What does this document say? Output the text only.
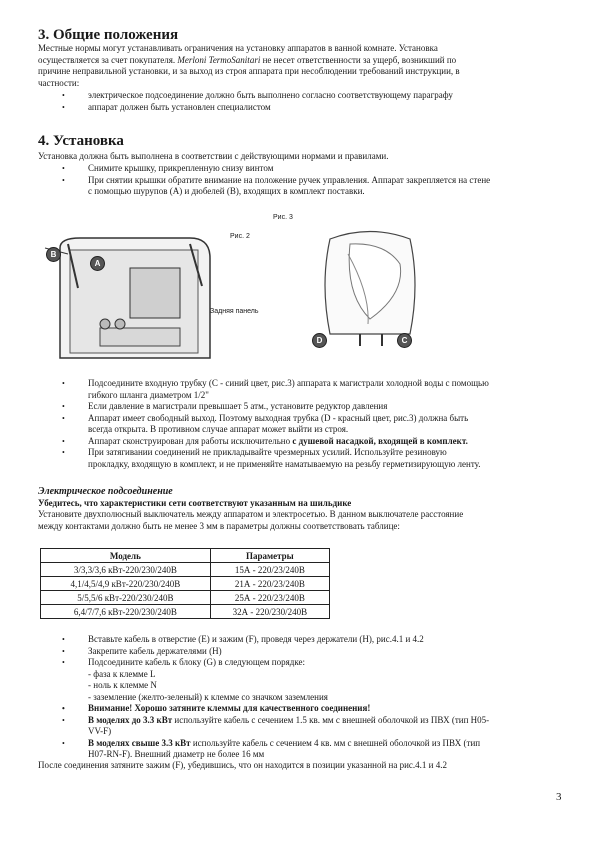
3. Общие положения
Местные нормы могут устанавливать ограничения на установку аппаратов в ванной комнате. Установка
осуществляется за счет покупателя. Merloni TermoSanitari не несет ответственности за ущерб, возникший по
причине неправильной установки, и за выход из строя аппарата при несоблюдении требований инструкции, в
частности:
• электрическое подсоединение должно быть выполнено согласно соответствующему параграфу
• аппарат должен быть установлен специалистом
4. Установка
Установка должна быть выполнена в соответствии с действующими нормами и правилами.
• Снимите крышку, прикрепленную снизу винтом
• При снятии крышки обратите внимание на положение ручек управления. Аппарат закрепляется на стене
с помощью шурупов (A) и дюбелей (B), входящих в комплект поставки.
Рис. 3
Рис. 2
B
A
Задняя панель
D	C
• Подсоедините входную трубку (C - синий цвет, рис.3) аппарата к магистрали холодной воды с помощью
гибкого шланга диаметром 1/2"
• Если давление в магистрали превышает 5 атм., установите редуктор давления
• Аппарат имеет свободный выход. Поэтому выходная трубка (D - красный цвет, рис.3) должна быть
всегда открыта. В противном случае аппарат может выйти из строя.
• Аппарат сконструирован для работы исключительно с душевой насадкой, входящей в комплект.
• При затягивании соединений не прикладывайте чрезмерных усилий. Используйте резиновую
прокладку, входящую в комплект, и не применяйте наматываемую на резьбу герметизирующую ленту.
Электрическое подсоединение
Убедитесь, что характеристики сети соответствуют указанным на шильдике
Установите двухполюсный выключатель между аппаратом и электросетью. В данном выключателе расстояние
между контактами должно быть не менее 3 мм в параметры должны соответствовать таблице:
Модель	Параметры
3/3,3/3,6 кВт-220/230/240В	15А - 220/23/240В
4,1/4,5/4,9 кВт-220/230/240В	21А - 220/23/240В
5/5,5/6 кВт-220/230/240В	25А - 220/23/240В
6,4/7/7,6 кВт-220/230/240В	32А - 220/230/240В
• Вставьте кабель в отверстие (E) и зажим (F), проведя через держатели (H), рис.4.1 и 4.2
• Закрепите кабель держателями (H)
• Подсоедините кабель к блоку (G) в следующем порядке:
- фаза к клемме L
- ноль к клемме N
- заземление (желто-зеленый) к клемме со значком заземления
• Внимание! Хорошо затяните клеммы для качественного соединения!
• В моделях до 3.3 кВт используйте кабель с сечением 1.5 кв. мм с внешней оболочкой из ПВХ (тип H05-
VV-F)
• В моделях свыше 3.3 кВт используйте кабель с сечением 4 кв. мм с внешней оболочкой из ПВХ (тип
H07-RN-F). Внешний диаметр не более 16 мм
После соединения затяните зажим (F), убедившись, что он находится в позиции указанной на рис.4.1 и 4.2
3
